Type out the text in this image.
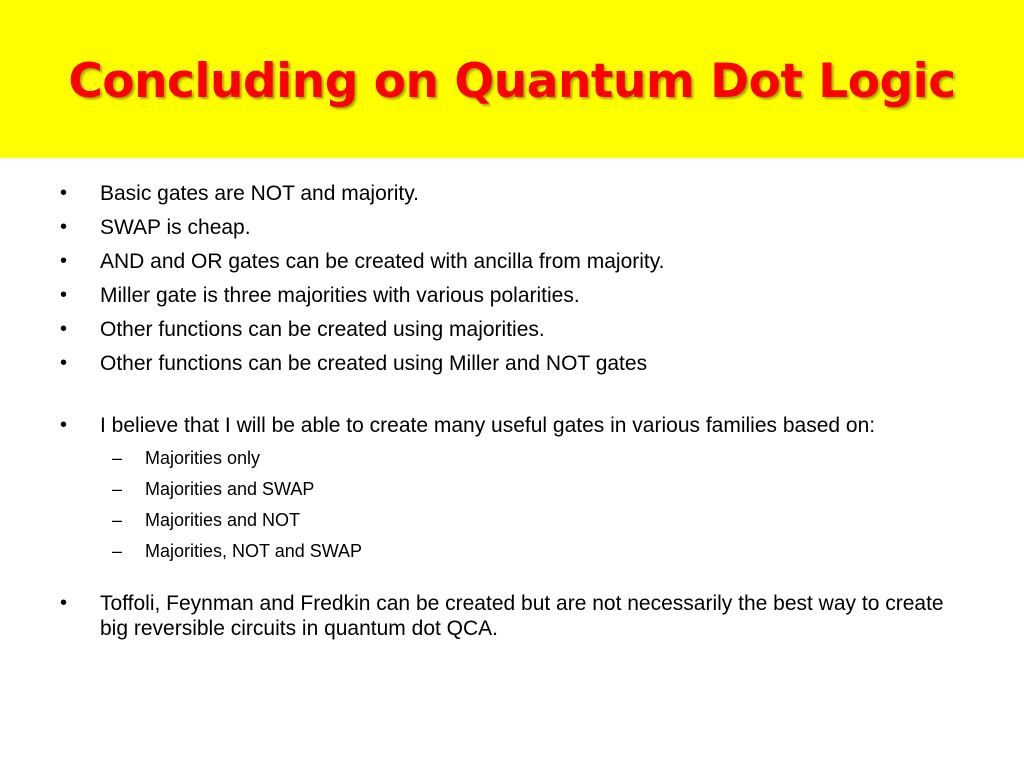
Concluding on Quantum Dot Logic
•	Basic gates are NOT and majority.
•	SWAP is cheap.
•	AND and OR gates can be created with ancilla from majority.
•	Miller gate is three majorities with various polarities.
•	Other functions can be created using majorities.
•	Other functions can be created using Miller and NOT gates
•	I believe that I will be able to create many useful gates in various families based on:
– Majorities only
– Majorities and SWAP
– Majorities and NOT
– Majorities, NOT and SWAP
•	Toffoli, Feynman and Fredkin can be created but are not necessarily the best way to create big reversible circuits in quantum dot QCA.
